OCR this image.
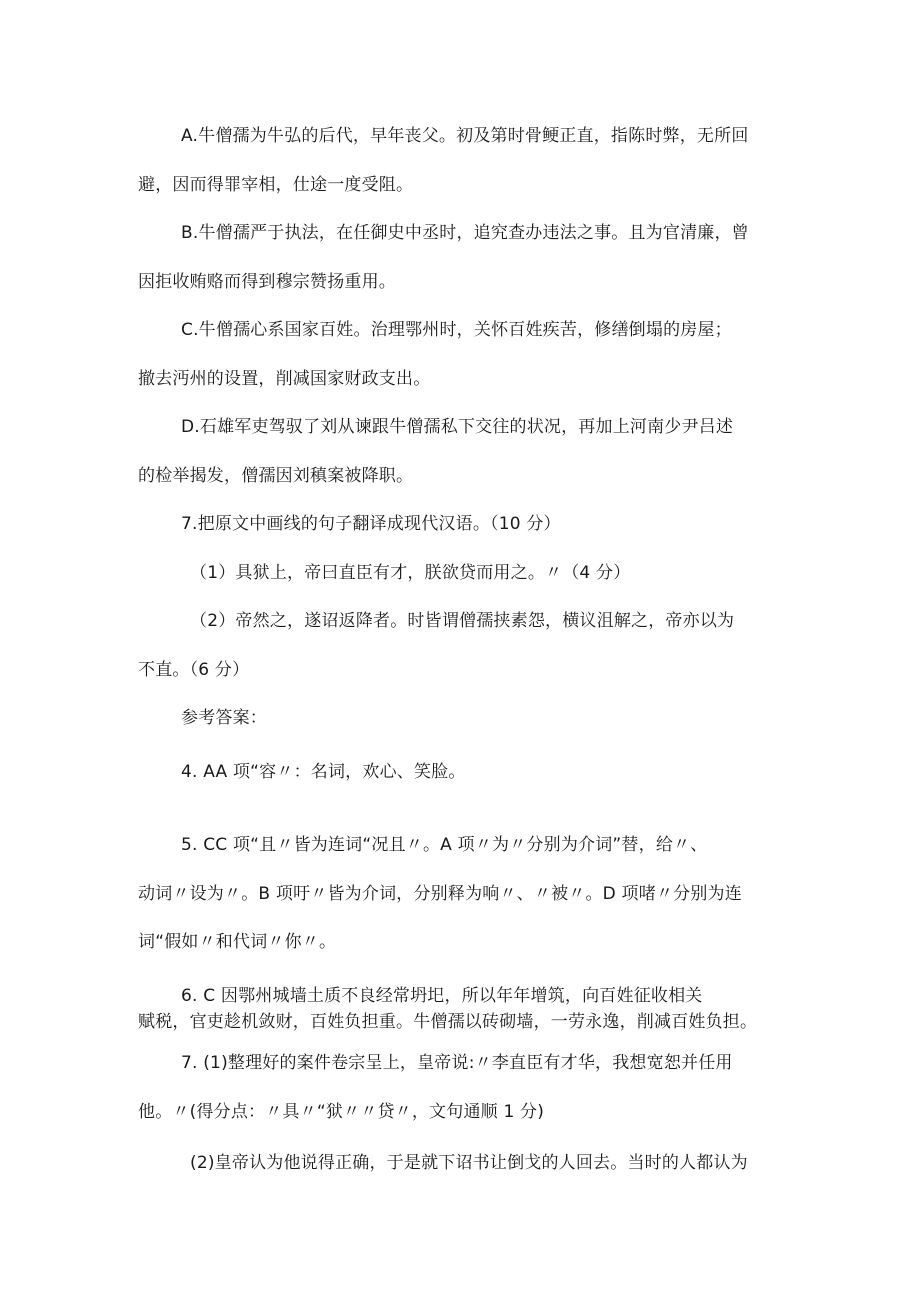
A.牛僧孺为牛弘的后代，早年丧父。初及第时骨鲠正直，指陈时弊，无所回
避，因而得罪宰相，仕途一度受阻。
B.牛僧孺严于执法，在任御史中丞时，追究查办违法之事。且为官清廉，曾
因拒收贿赂而得到穆宗赞扬重用。
C.牛僧孺心系国家百姓。治理鄂州时，关怀百姓疾苦，修缮倒塌的房屋；
撤去沔州的设置，削减国家财政支出。
D.石雄军吏驾驭了刘从谏跟牛僧孺私下交往的状况，再加上河南少尹吕述
的检举揭发，僧孺因刘稹案被降职。
7.把原文中画线的句子翻译成现代汉语。（10 分）
（1）具狱上，帝曰直臣有才，朕欲贷而用之。〃（4 分）
（2）帝然之，遂诏返降者。时皆谓僧孺挟素怨，横议沮解之，帝亦以为
不直。（6 分）
参考答案：
4. AA 项“容〃：名词，欢心、笑脸。
5. CC 项“且〃皆为连词“况且〃。A 项〃为〃分别为介词”替，给〃、
动词〃设为〃。B 项吁〃皆为介词，分别释为响〃、〃被〃。D 项啫〃分别为连
词“假如〃和代词〃你〃。
6. C 因鄂州城墙土质不良经常坍圯，所以年年增筑，向百姓征收相关
赋税，官吏趁机敛财，百姓负担重。牛僧孺以砖砌墙，一劳永逸，削减百姓负担。
7. (1)整理好的案件卷宗呈上，皇帝说:〃李直臣有才华，我想宽恕并任用
他。〃(得分点：〃具〃“狱〃〃贷〃，文句通顺 1 分)
(2)皇帝认为他说得正确，于是就下诏书让倒戈的人回去。当时的人都认为
